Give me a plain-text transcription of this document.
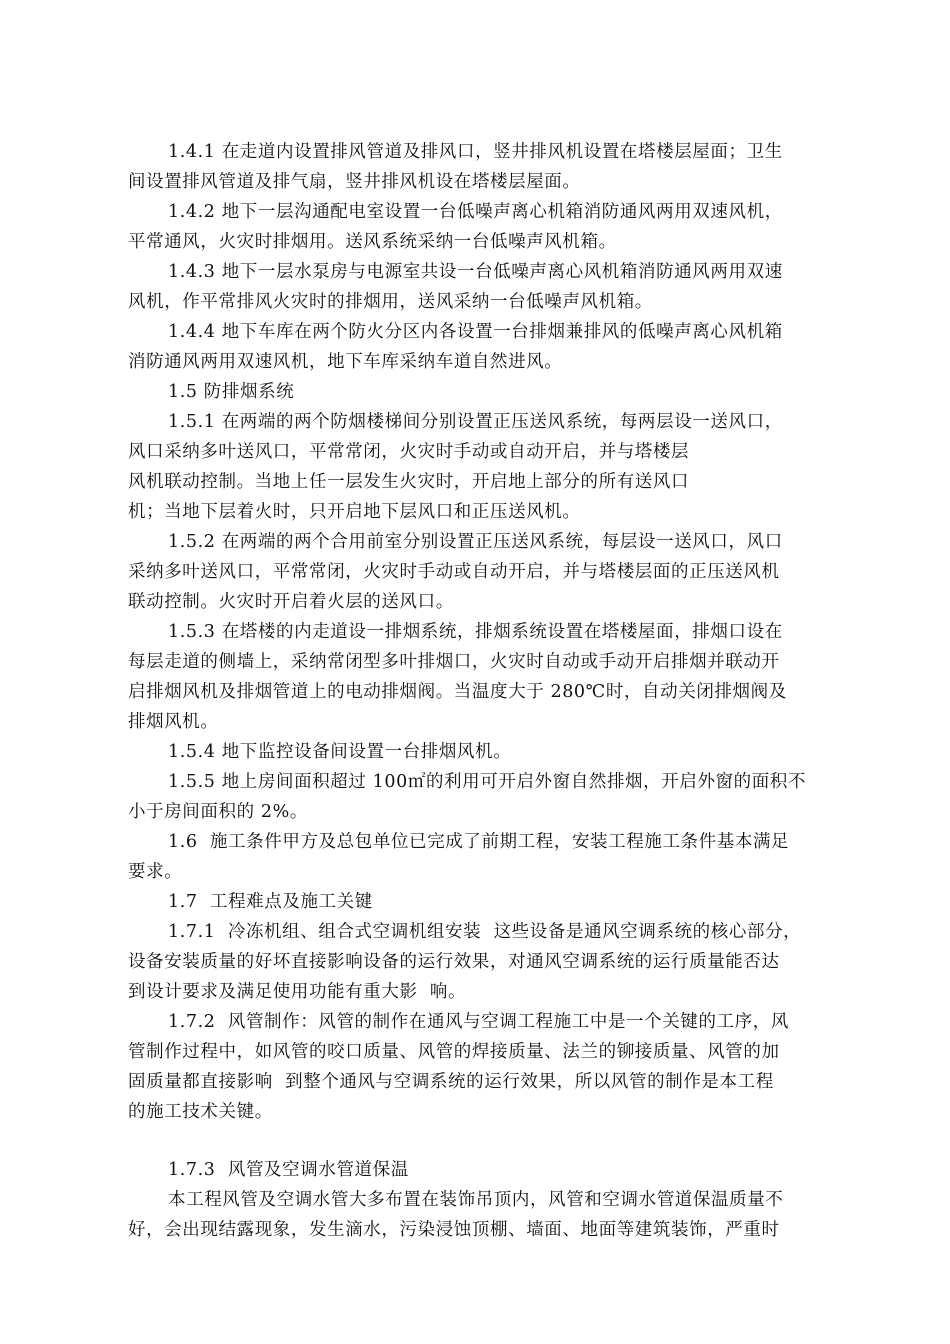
1.4.1 在走道内设置排风管道及排风口，竖井排风机设置在塔楼层屋面；卫生
间设置排风管道及排气扇，竖井排风机设在塔楼层屋面。
1.4.2 地下一层沟通配电室设置一台低噪声离心机箱消防通风两用双速风机，
平常通风，火灾时排烟用。送风系统采纳一台低噪声风机箱。
1.4.3 地下一层水泵房与电源室共设一台低噪声离心风机箱消防通风两用双速
风机，作平常排风火灾时的排烟用，送风采纳一台低噪声风机箱。
1.4.4 地下车库在两个防火分区内各设置一台排烟兼排风的低噪声离心风机箱
消防通风两用双速风机，地下车库采纳车道自然进风。
1.5 防排烟系统
1.5.1 在两端的两个防烟楼梯间分别设置正压送风系统，每两层设一送风口，
风口采纳多叶送风口，平常常闭，火灾时手动或自动开启，并与塔楼层
风机联动控制。当地上任一层发生火灾时，开启地上部分的所有送风口
机；当地下层着火时，只开启地下层风口和正压送风机。
1.5.2 在两端的两个合用前室分别设置正压送风系统，每层设一送风口，风口
采纳多叶送风口，平常常闭，火灾时手动或自动开启，并与塔楼层面的正压送风机
联动控制。火灾时开启着火层的送风口。
1.5.3 在塔楼的内走道设一排烟系统，排烟系统设置在塔楼屋面，排烟口设在
每层走道的侧墙上，采纳常闭型多叶排烟口，火灾时自动或手动开启排烟并联动开
启排烟风机及排烟管道上的电动排烟阀。当温度大于 280℃时，自动关闭排烟阀及
排烟风机。
1.5.4 地下监控设备间设置一台排烟风机。
1.5.5 地上房间面积超过 100㎡的利用可开启外窗自然排烟，开启外窗的面积不
小于房间面积的 2%。
1.6  施工条件甲方及总包单位已完成了前期工程，安装工程施工条件基本满足
要求。
1.7  工程难点及施工关键
1.7.1  冷冻机组、组合式空调机组安装  这些设备是通风空调系统的核心部分，
设备安装质量的好坏直接影响设备的运行效果，对通风空调系统的运行质量能否达
到设计要求及满足使用功能有重大影  响。
1.7.2  风管制作：风管的制作在通风与空调工程施工中是一个关键的工序，风
管制作过程中，如风管的咬口质量、风管的焊接质量、法兰的铆接质量、风管的加
固质量都直接影响  到整个通风与空调系统的运行效果，所以风管的制作是本工程
的施工技术关键。
1.7.3  风管及空调水管道保温
本工程风管及空调水管大多布置在装饰吊顶内，风管和空调水管道保温质量不
好，会出现结露现象，发生滴水，污染浸蚀顶棚、墙面、地面等建筑装饰，严重时
